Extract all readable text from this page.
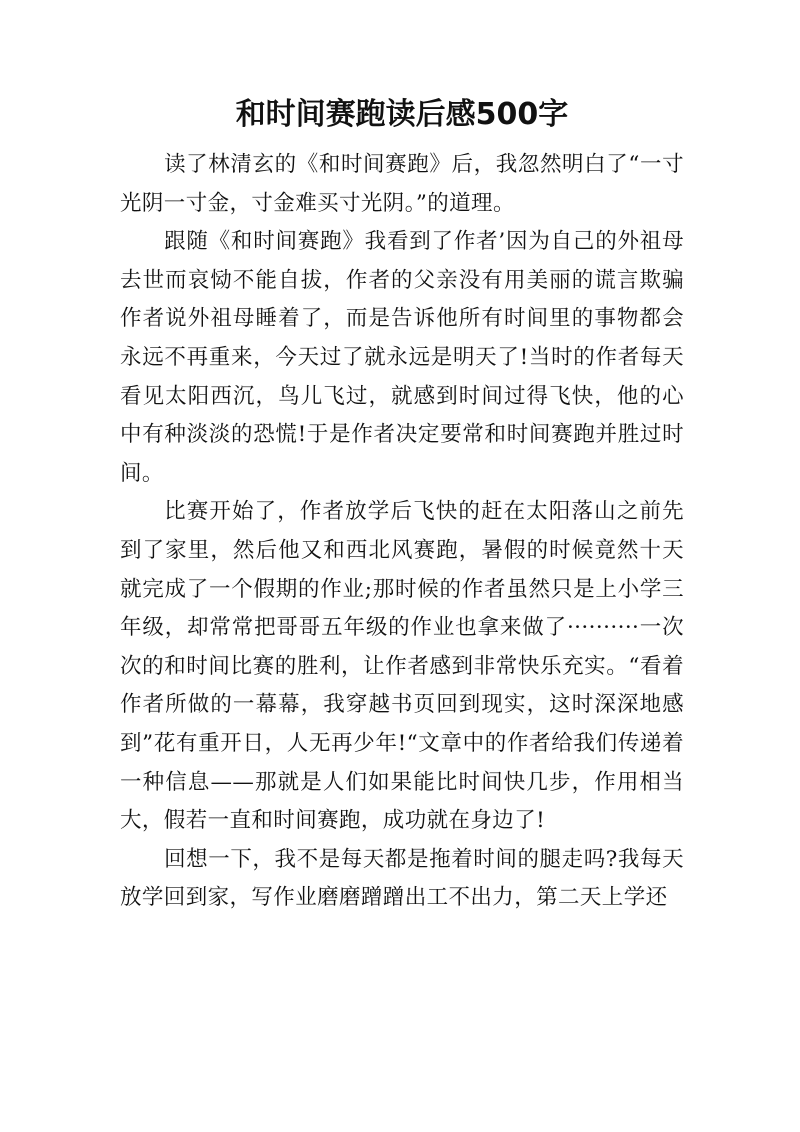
和时间赛跑读后感500字

读了林清玄的《和时间赛跑》后，我忽然明白了“一寸光阴一寸金，寸金难买寸光阴。”的道理。

跟随《和时间赛跑》我看到了作者’因为自己的外祖母去世而哀恸不能自拔，作者的父亲没有用美丽的谎言欺骗作者说外祖母睡着了，而是告诉他所有时间里的事物都会永远不再重来，今天过了就永远是明天了!当时的作者每天看见太阳西沉，鸟儿飞过，就感到时间过得飞快，他的心中有种淡淡的恐慌!于是作者决定要常和时间赛跑并胜过时间。

比赛开始了，作者放学后飞快的赶在太阳落山之前先到了家里，然后他又和西北风赛跑，暑假的时候竟然十天就完成了一个假期的作业;那时候的作者虽然只是上小学三年级，却常常把哥哥五年级的作业也拿来做了··········一次次的和时间比赛的胜利，让作者感到非常快乐充实。“看着作者所做的一幕幕，我穿越书页回到现实，这时深深地感到”花有重开日，人无再少年!“文章中的作者给我们传递着一种信息——那就是人们如果能比时间快几步，作用相当大，假若一直和时间赛跑，成功就在身边了!

回想一下，我不是每天都是拖着时间的腿走吗?我每天放学回到家，写作业磨磨蹭蹭出工不出力，第二天上学还
